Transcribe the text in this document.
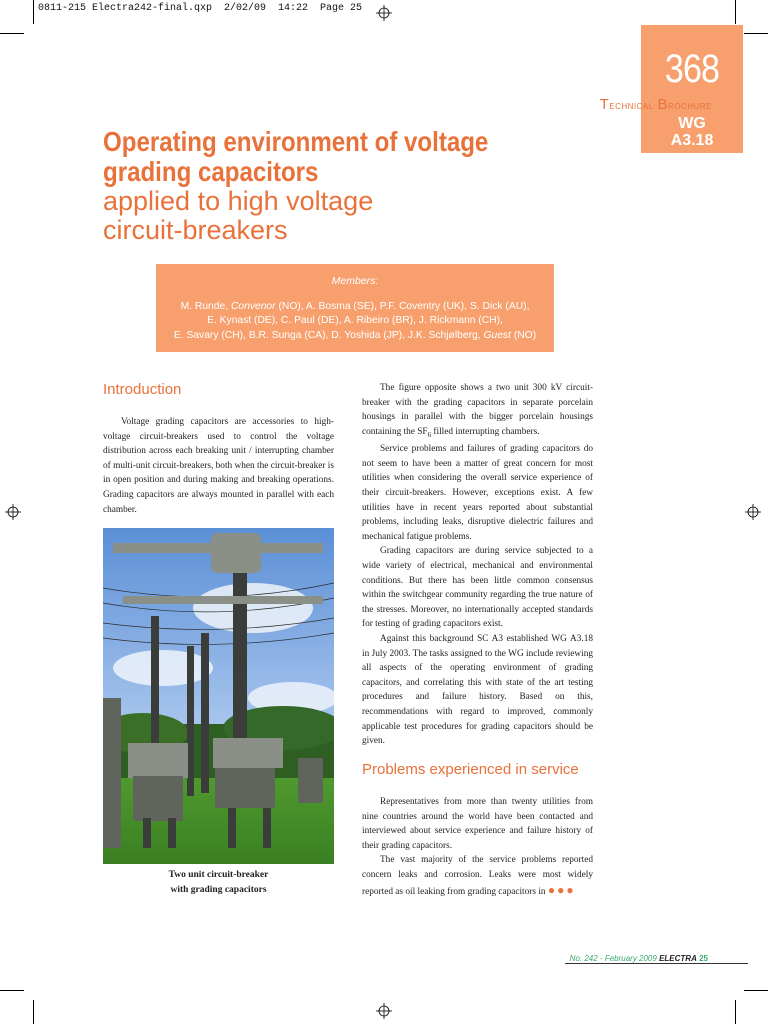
0811-215 Electra242-final.qxp  2/02/09  14:22  Page 25
368
WG
A3.18
Technical Brochure
Operating environment of voltage
grading capacitors
applied to high voltage
circuit-breakers
Members:
M. Runde, Convenor (NO), A. Bosma (SE), P.F. Coventry (UK), S. Dick (AU),
E. Kynast (DE), C. Paul (DE), A. Ribeiro (BR), J. Rickmann (CH),
E. Savary (CH), B.R. Sunga (CA), D. Yoshida (JP), J.K. Schjølberg, Guest (NO)
Introduction

Voltage grading capacitors are accessories to high-voltage circuit-breakers used to control the voltage distribution across each breaking unit / interrupting chamber of multi-unit circuit-breakers, both when the circuit-breaker is in open position and during making and breaking operations. Grading capacitors are always mounted in parallel with each chamber.

Two unit circuit-breaker
with grading capacitors

The figure opposite shows a two unit 300 kV circuit-breaker with the grading capacitors in separate porcelain housings in parallel with the bigger porcelain housings containing the $SF_6$ filled interrupting chambers.

Service problems and failures of grading capacitors do not seem to have been a matter of great concern for most utilities when considering the overall service experience of their circuit-breakers. However, exceptions exist. A few utilities have in recent years reported about substantial problems, including leaks, disruptive dielectric failures and mechanical fatigue problems.

Grading capacitors are during service subjected to a wide variety of electrical, mechanical and environmental conditions. But there has been little common consensus within the switchgear community regarding the true nature of the stresses. Moreover, no internationally accepted standards for testing of grading capacitors exist.

Against this background SC A3 established WG A3.18 in July 2003. The tasks assigned to the WG include reviewing all aspects of the operating environment of grading capacitors, and correlating this with state of the art testing procedures and failure history. Based on this, recommendations with regard to improved, commonly applicable test procedures for grading capacitors should be given.

Problems experienced in service

Representatives from more than twenty utilities from nine countries around the world have been contacted and interviewed about service experience and failure history of their grading capacitors.

The vast majority of the service problems reported concern leaks and corrosion. Leaks were most widely reported as oil leaking from grading capacitors in ●●●

No. 242 - February 2009 ELECTRA 25
